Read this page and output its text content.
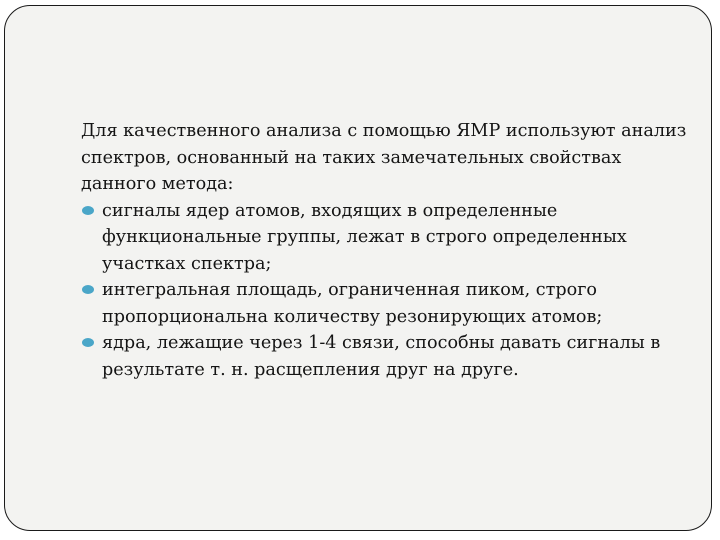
Для качественного анализа с помощью ЯМР используют анализ спектров, основанный на таких замечательных свойствах данного метода:

сигналы ядер атомов, входящих в определенные функциональные группы, лежат в строго определенных участках спектра;
интегральная площадь, ограниченная пиком, строго пропорциональна количеству резонирующих атомов;
ядра, лежащие через 1-4 связи, способны давать сигналы в результате т. н. расщепления друг на друге.
